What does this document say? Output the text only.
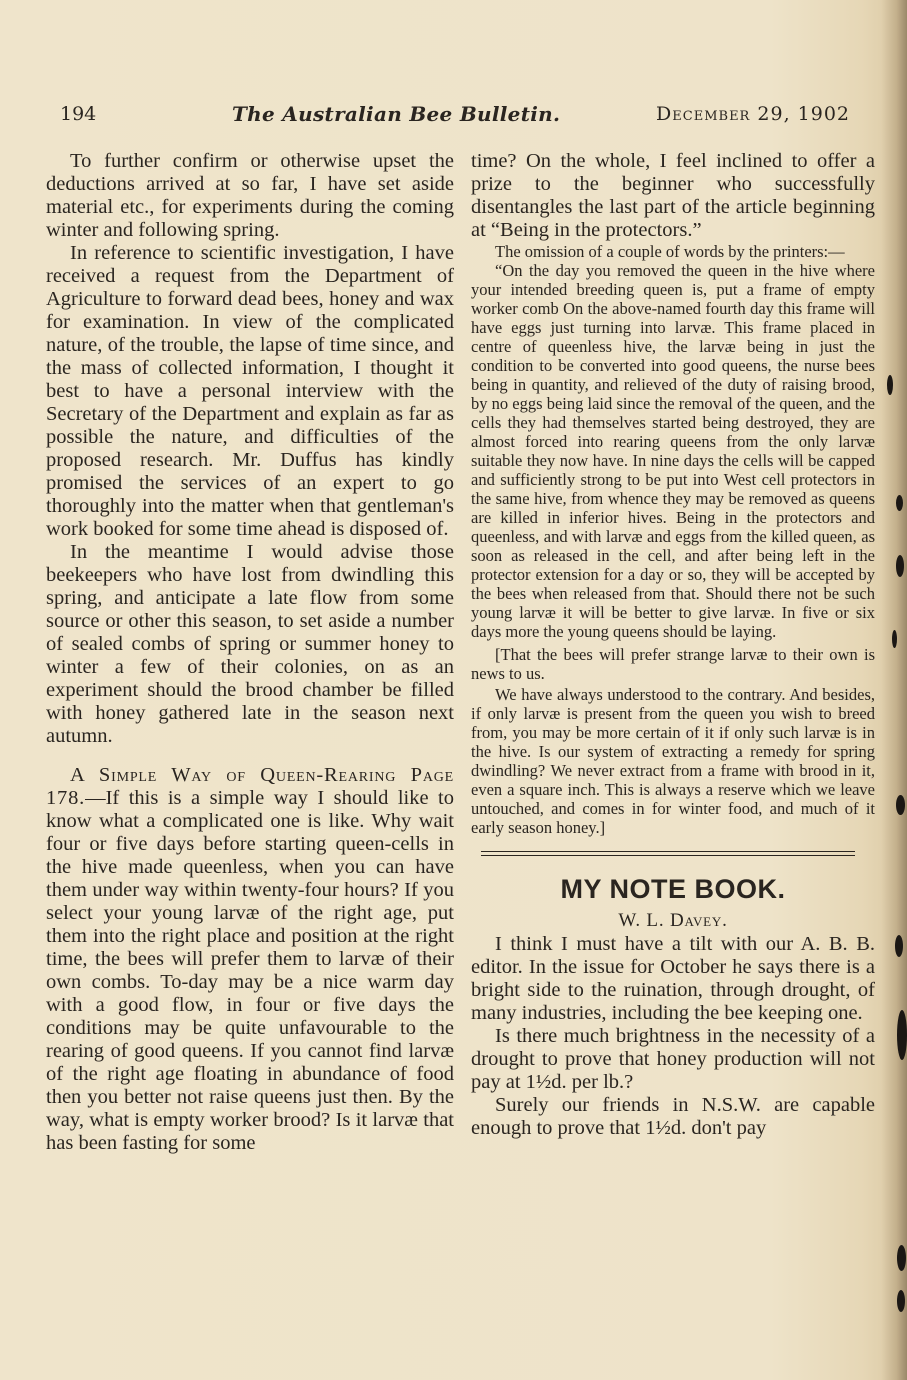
194	The Australian Bee Bulletin.	December 29, 1902

To further confirm or otherwise upset the deductions arrived at so far, I have set aside material etc., for experiments during the coming winter and following spring.

In reference to scientific investigation, I have received a request from the Department of Agriculture to forward dead bees, honey and wax for examination. In view of the complicated nature, of the trouble, the lapse of time since, and the mass of collected information, I thought it best to have a personal interview with the Secretary of the Department and explain as far as possible the nature, and difficulties of the proposed research. Mr. Duffus has kindly promised the services of an expert to go thoroughly into the matter when that gentleman's work booked for some time ahead is disposed of.

In the meantime I would advise those beekeepers who have lost from dwindling this spring, and anticipate a late flow from some source or other this season, to set aside a number of sealed combs of spring or summer honey to winter a few of their colonies, on as an experiment should the brood chamber be filled with honey gathered late in the season next autumn.

A Simple Way of Queen-Rearing Page 178.—If this is a simple way I should like to know what a complicated one is like. Why wait four or five days before starting queen-cells in the hive made queenless, when you can have them under way within twenty-four hours? If you select your young larvæ of the right age, put them into the right place and position at the right time, the bees will prefer them to larvæ of their own combs. To-day may be a nice warm day with a good flow, in four or five days the conditions may be quite unfavourable to the rearing of good queens. If you cannot find larvæ of the right age floating in abundance of food then you better not raise queens just then. By the way, what is empty worker brood? Is it larvæ that has been fasting for some

time? On the whole, I feel inclined to offer a prize to the beginner who successfully disentangles the last part of the article beginning at “Being in the protectors.”

The omission of a couple of words by the printers:—

“On the day you removed the queen in the hive where your intended breeding queen is, put a frame of empty worker comb On the above-named fourth day this frame will have eggs just turning into larvæ. This frame placed in centre of queenless hive, the larvæ being in just the condition to be converted into good queens, the nurse bees being in quantity, and relieved of the duty of raising brood, by no eggs being laid since the removal of the queen, and the cells they had themselves started being destroyed, they are almost forced into rearing queens from the only larvæ suitable they now have. In nine days the cells will be capped and sufficiently strong to be put into West cell protectors in the same hive, from whence they may be removed as queens are killed in inferior hives. Being in the protectors and queenless, and with larvæ and eggs from the killed queen, as soon as released in the cell, and after being left in the protector extension for a day or so, they will be accepted by the bees when released from that. Should there not be such young larvæ it will be better to give larvæ. In five or six days more the young queens should be laying.

[That the bees will prefer strange larvæ to their own is news to us.

We have always understood to the contrary. And besides, if only larvæ is present from the queen you wish to breed from, you may be more certain of it if only such larvæ is in the hive. Is our system of extracting a remedy for spring dwindling? We never extract from a frame with brood in it, even a square inch. This is always a reserve which we leave untouched, and comes in for winter food, and much of it early season honey.]

MY NOTE BOOK.
W. L. Davey.

I think I must have a tilt with our A. B. B. editor. In the issue for October he says there is a bright side to the ruination, through drought, of many industries, including the bee keeping one.

Is there much brightness in the necessity of a drought to prove that honey production will not pay at 1½d. per lb.?

Surely our friends in N.S.W. are capable enough to prove that 1½d. don't pay
